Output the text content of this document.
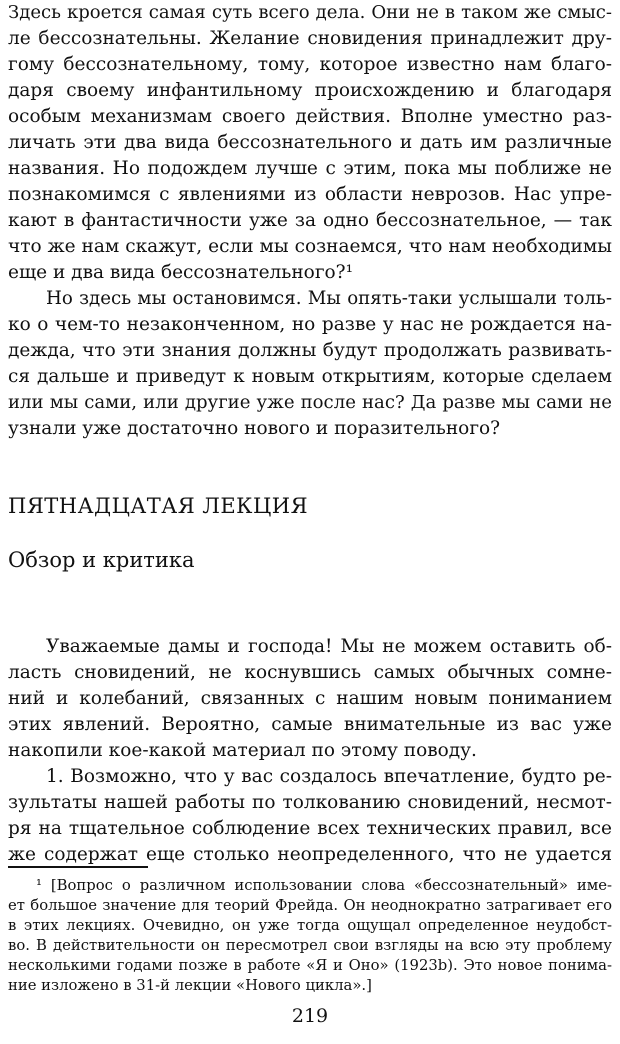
Здесь кроется самая суть всего дела. Они не в таком же смыс-
ле бессознательны. Желание сновидения принадлежит дру-
гому бессознательному, тому, которое известно нам благо-
даря своему инфантильному происхождению и благодаря
особым механизмам своего действия. Вполне уместно раз-
личать эти два вида бессознательного и дать им различные
названия. Но подождем лучше с этим, пока мы поближе не
познакомимся с явлениями из области неврозов. Нас упре-
кают в фантастичности уже за одно бессознательное, — так
что же нам скажут, если мы сознаемся, что нам необходимы
еще и два вида бессознательного?¹
Но здесь мы остановимся. Мы опять-таки услышали толь-
ко о чем-то незаконченном, но разве у нас не рождается на-
дежда, что эти знания должны будут продолжать развивать-
ся дальше и приведут к новым открытиям, которые сделаем
или мы сами, или другие уже после нас? Да разве мы сами не
узнали уже достаточно нового и поразительного?
ПЯТНАДЦАТАЯ ЛЕКЦИЯ
Обзор и критика
Уважаемые дамы и господа! Мы не можем оставить об-
ласть сновидений, не коснувшись самых обычных сомне-
ний и колебаний, связанных с нашим новым пониманием
этих явлений. Вероятно, самые внимательные из вас уже
накопили кое-какой материал по этому поводу.
1. Возможно, что у вас создалось впечатление, будто ре-
зультаты нашей работы по толкованию сновидений, несмот-
ря на тщательное соблюдение всех технических правил, все
же содержат еще столько неопределенного, что не удается
¹ [Вопрос о различном использовании слова «бессознательный» име-
ет большое значение для теорий Фрейда. Он неоднократно затрагивает его
в этих лекциях. Очевидно, он уже тогда ощущал определенное неудобст-
во. В действительности он пересмотрел свои взгляды на всю эту проблему
несколькими годами позже в работе «Я и Оно» (1923b). Это новое понима-
ние изложено в 31-й лекции «Нового цикла».]
219
